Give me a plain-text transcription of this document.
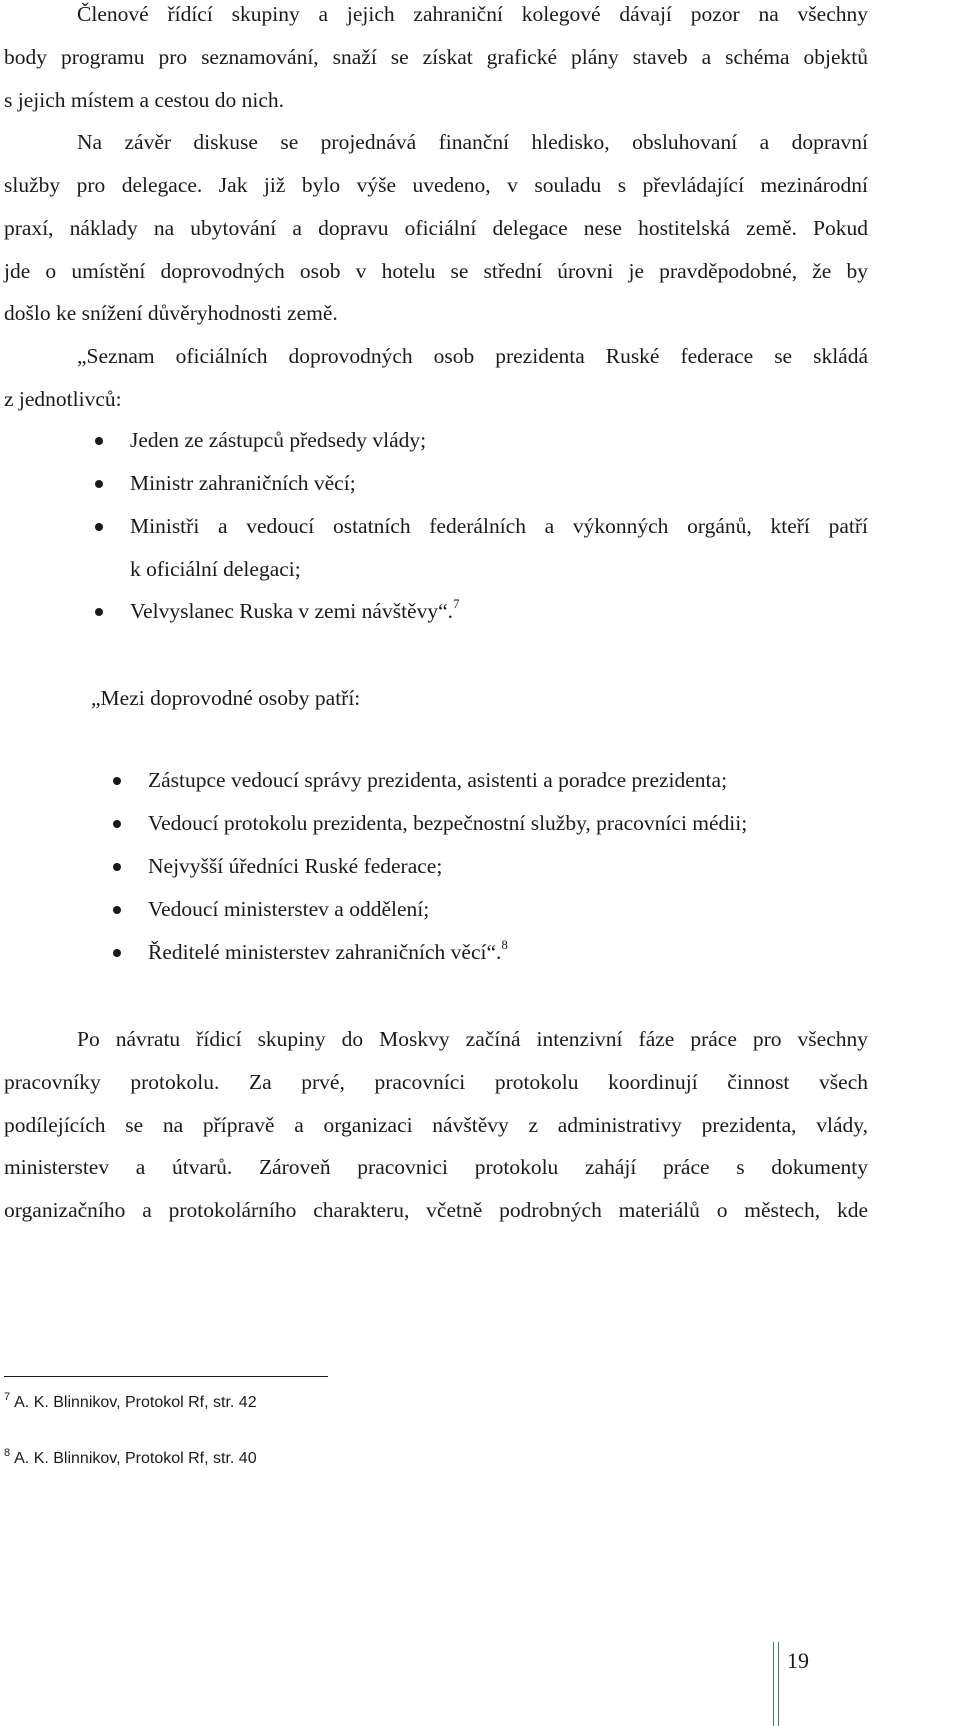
Členové řídící skupiny a jejich zahraniční kolegové dávají pozor na všechny
body programu pro seznamování, snaží se získat grafické plány staveb a schéma objektů
s jejich místem a cestou do nich.
Na závěr diskuse se projednává finanční hledisko, obsluhovaní a dopravní
služby pro delegace. Jak již bylo výše uvedeno, v souladu s převládající mezinárodní
praxí, náklady na ubytování a dopravu oficiální delegace nese hostitelská země. Pokud
jde o umístění doprovodných osob v hotelu se střední úrovni je pravděpodobné, že by
došlo ke snížení důvěryhodnosti země.
„Seznam oficiálních doprovodných osob prezidenta Ruské federace se skládá
z jednotlivců:
Jeden ze zástupců předsedy vlády;
Ministr zahraničních věcí;
Ministři a vedoucí ostatních federálních a výkonných orgánů, kteří patří
k oficiální delegaci;
Velvyslanec Ruska v zemi návštěvy“.$^7$
„Mezi doprovodné osoby patří:
Zástupce vedoucí správy prezidenta, asistenti a poradce prezidenta;
Vedoucí protokolu prezidenta, bezpečnostní služby, pracovníci médii;
Nejvyšší úředníci Ruské federace;
Vedoucí ministerstev a oddělení;
Ředitelé ministerstev zahraničních věcí“.$^8$
Po návratu řídicí skupiny do Moskvy začíná intenzivní fáze práce pro všechny
pracovníky protokolu. Za prvé, pracovníci protokolu koordinují činnost všech
podílejících se na přípravě a organizaci návštěvy z administrativy prezidenta, vlády,
ministerstev a útvarů. Zároveň pracovnici protokolu zahájí práce s dokumenty
organizačního a protokolárního charakteru, včetně podrobných materiálů o městech, kde
$^7$ A. K. Blinnikov, Protokol Rf, str. 42
$^8$ A. K. Blinnikov, Protokol Rf, str. 40
19
